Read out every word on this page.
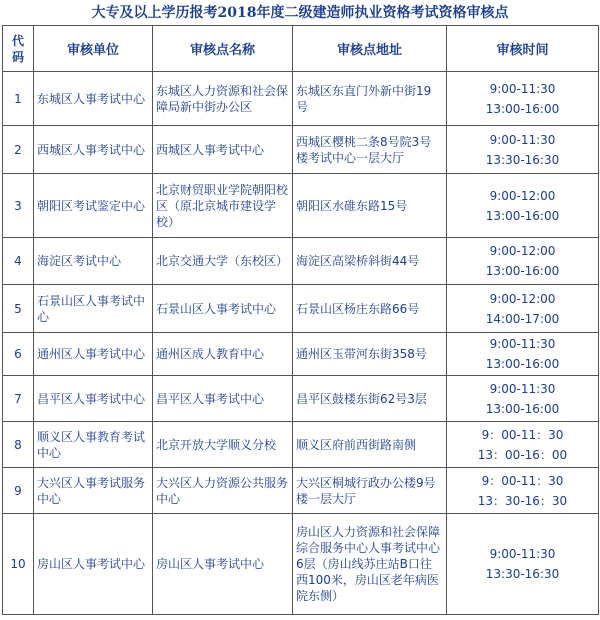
大专及以上学历报考2018年度二级建造师执业资格考试资格审核点
代
码	审核单位	审核点名称	审核点地址	审核时间
1	东城区人事考试中心	东城区人力资源和社会保障局新中街办公区	东城区东直门外新中街19号	9:00-11:30
13:00-16:00

2	西城区人事考试中心	西城区人事考试中心	西城区樱桃二条8号院3号楼考试中心一层大厅	9:00-11:30
13:30-16:30

3	朝阳区考试鉴定中心	北京财贸职业学院朝阳校区（原北京城市建设学校）	朝阳区水碓东路15号	9:00-12:00
13:00-16:00

4	海淀区考试中心	北京交通大学（东校区）	海淀区高梁桥斜街44号	9:00-12:00
13:00-16:00

5	石景山区人事考试中心	石景山区人事考试中心	石景山区杨庄东路66号	9:00-12:00
14:00-17:00

6	通州区人事考试中心	通州区成人教育中心	通州区玉带河东街358号	9:00-11:30
13:00-16:00

7	昌平区人事考试中心	昌平区人事考试中心	昌平区鼓楼东街62号3层	9:00-11:30
13:00-16:00

8	顺义区人事教育考试中心	北京开放大学顺义分校	顺义区府前西街路南侧	9：00-11：30
13：00-16：00

9	大兴区人事考试服务中心	大兴区人力资源公共服务中心	大兴区桐城行政办公楼9号楼一层大厅	9：00-11：30
13：30-16：30

10	房山区人事考试中心	房山区人事考试中心	房山区人力资源和社会保障综合服务中心人事考试中心6层（房山线苏庄站B口往西100米，房山区老年病医院东侧）	9:00-11:30
13:30-16:30
